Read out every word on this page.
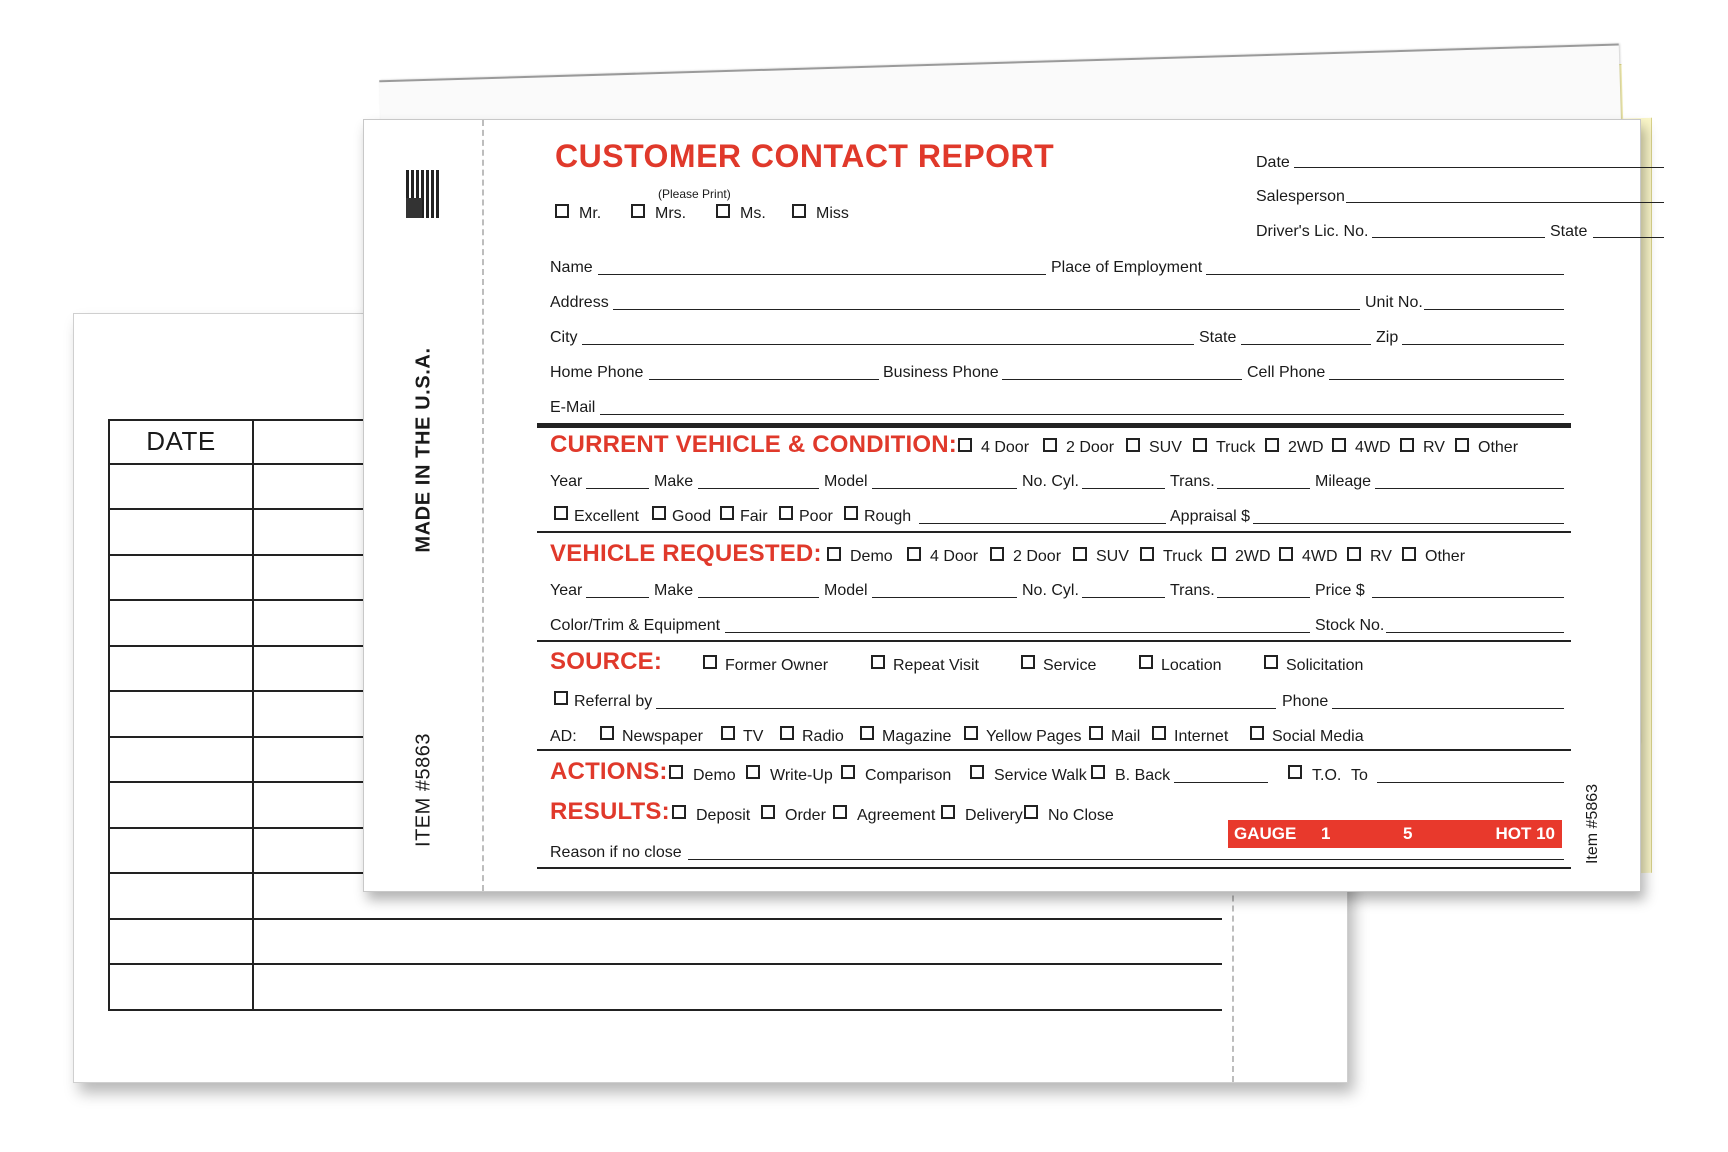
DATE	MADE IN THE U.S.A.
ITEM #5863	Item #5863
CUSTOMER CONTACT REPORT	Date
Salesperson
Driver's Lic. No.	State
(Please Print)
Mr.	Mrs.	Ms.	Miss
Name	Place of Employment
Address	Unit No.
City	State	Zip
Home Phone	Business Phone	Cell Phone
E-Mail
CURRENT VEHICLE & CONDITION: 4 Door 2 Door SUV Truck 2WD 4WD RV Other
Year	Make	Model	No. Cyl.	Trans.	Mileage
Excellent Good Fair Poor Rough	Appraisal $
VEHICLE REQUESTED: Demo 4 Door 2 Door SUV Truck 2WD 4WD RV Other
Year	Make	Model	No. Cyl.	Trans.	Price $
Color/Trim & Equipment	Stock No.
SOURCE:	Former Owner	Repeat Visit	Service	Location	Solicitation
Referral by	Phone
AD:	Newspaper	TV Radio Magazine Yellow Pages Mail Internet	Social Media
ACTIONS: Demo Write-Up Comparison	Service Walk B. Back	T.O. To
RESULTS: Deposit Order Agreement Delivery No Close
GAUGE 1	5	HOT 10
Reason if no close
